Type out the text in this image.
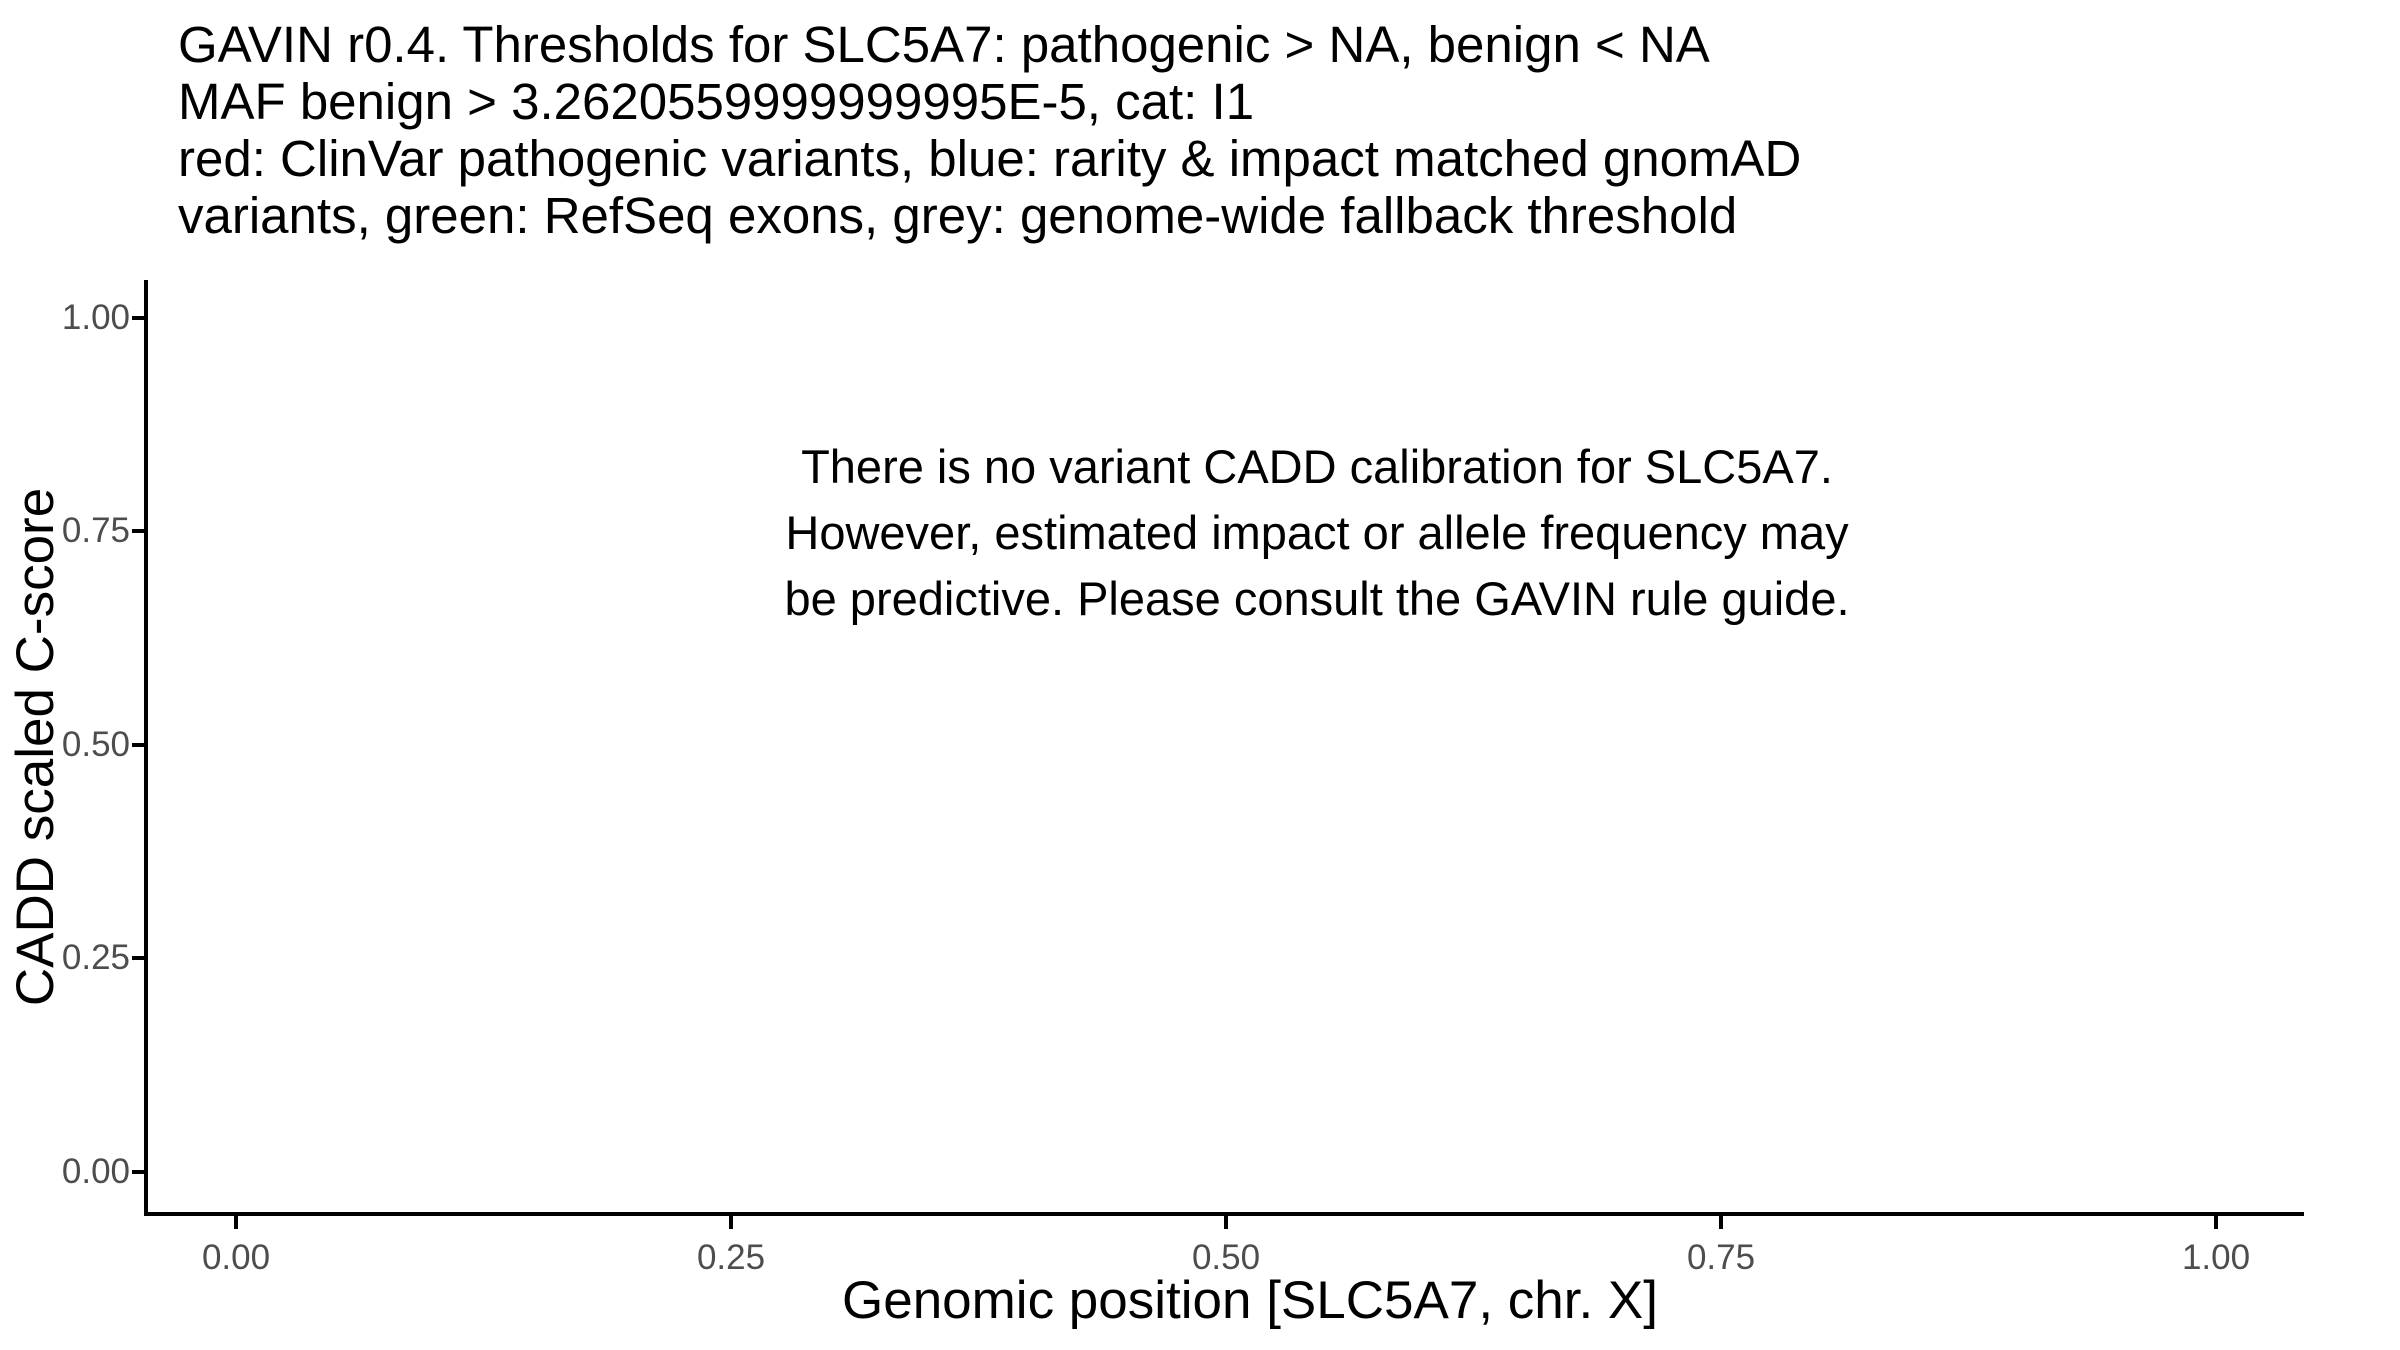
GAVIN r0.4. Thresholds for SLC5A7: pathogenic > NA, benign < NA
MAF benign > 3.2620559999999995E-5, cat: I1
red: ClinVar pathogenic variants, blue: rarity & impact matched gnomAD
variants, green: RefSeq exons, grey: genome-wide fallback threshold
There is no variant CADD calibration for SLC5A7.
However, estimated impact or allele frequency may
be predictive. Please consult the GAVIN rule guide.
1.00
0.75
0.50
0.25
0.00
0.00	0.25	0.50	0.75	1.00
Genomic position [SLC5A7, chr. X]
CADD scaled C-score
